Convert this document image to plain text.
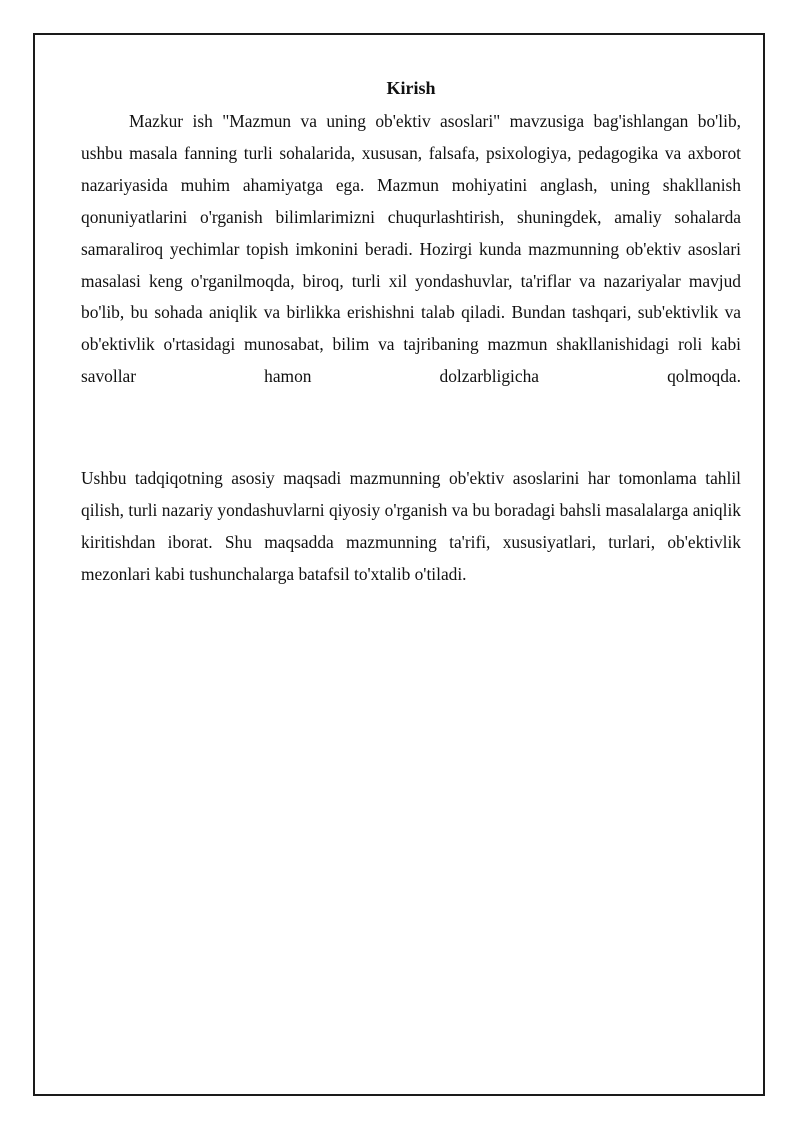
Kirish

Mazkur ish "Mazmun va uning ob'ektiv asoslari" mavzusiga bag'ishlangan bo'lib, ushbu masala fanning turli sohalarida, xususan, falsafa, psixologiya, pedagogika va axborot nazariyasida muhim ahamiyatga ega. Mazmun mohiyatini anglash, uning shakllanish qonuniyatlarini o'rganish bilimlarimizni chuqurlashtirish, shuningdek, amaliy sohalarda samaraliroq yechimlar topish imkonini beradi. Hozirgi kunda mazmunning ob'ektiv asoslari masalasi keng o'rganilmoqda, biroq, turli xil yondashuvlar, ta'riflar va nazariyalar mavjud bo'lib, bu sohada aniqlik va birlikka erishishni talab qiladi. Bundan tashqari, sub'ektivlik va ob'ektivlik o'rtasidagi munosabat, bilim va tajribaning mazmun shakllanishidagi roli kabi savollar hamon dolzarbligicha qolmoqda.

Ushbu tadqiqotning asosiy maqsadi mazmunning ob'ektiv asoslarini har tomonlama tahlil qilish, turli nazariy yondashuvlarni qiyosiy o'rganish va bu boradagi bahsli masalalarga aniqlik kiritishdan iborat. Shu maqsadda mazmunning ta'rifi, xususiyatlari, turlari, ob'ektivlik mezonlari kabi tushunchalarga batafsil to'xtalib o'tiladi.
